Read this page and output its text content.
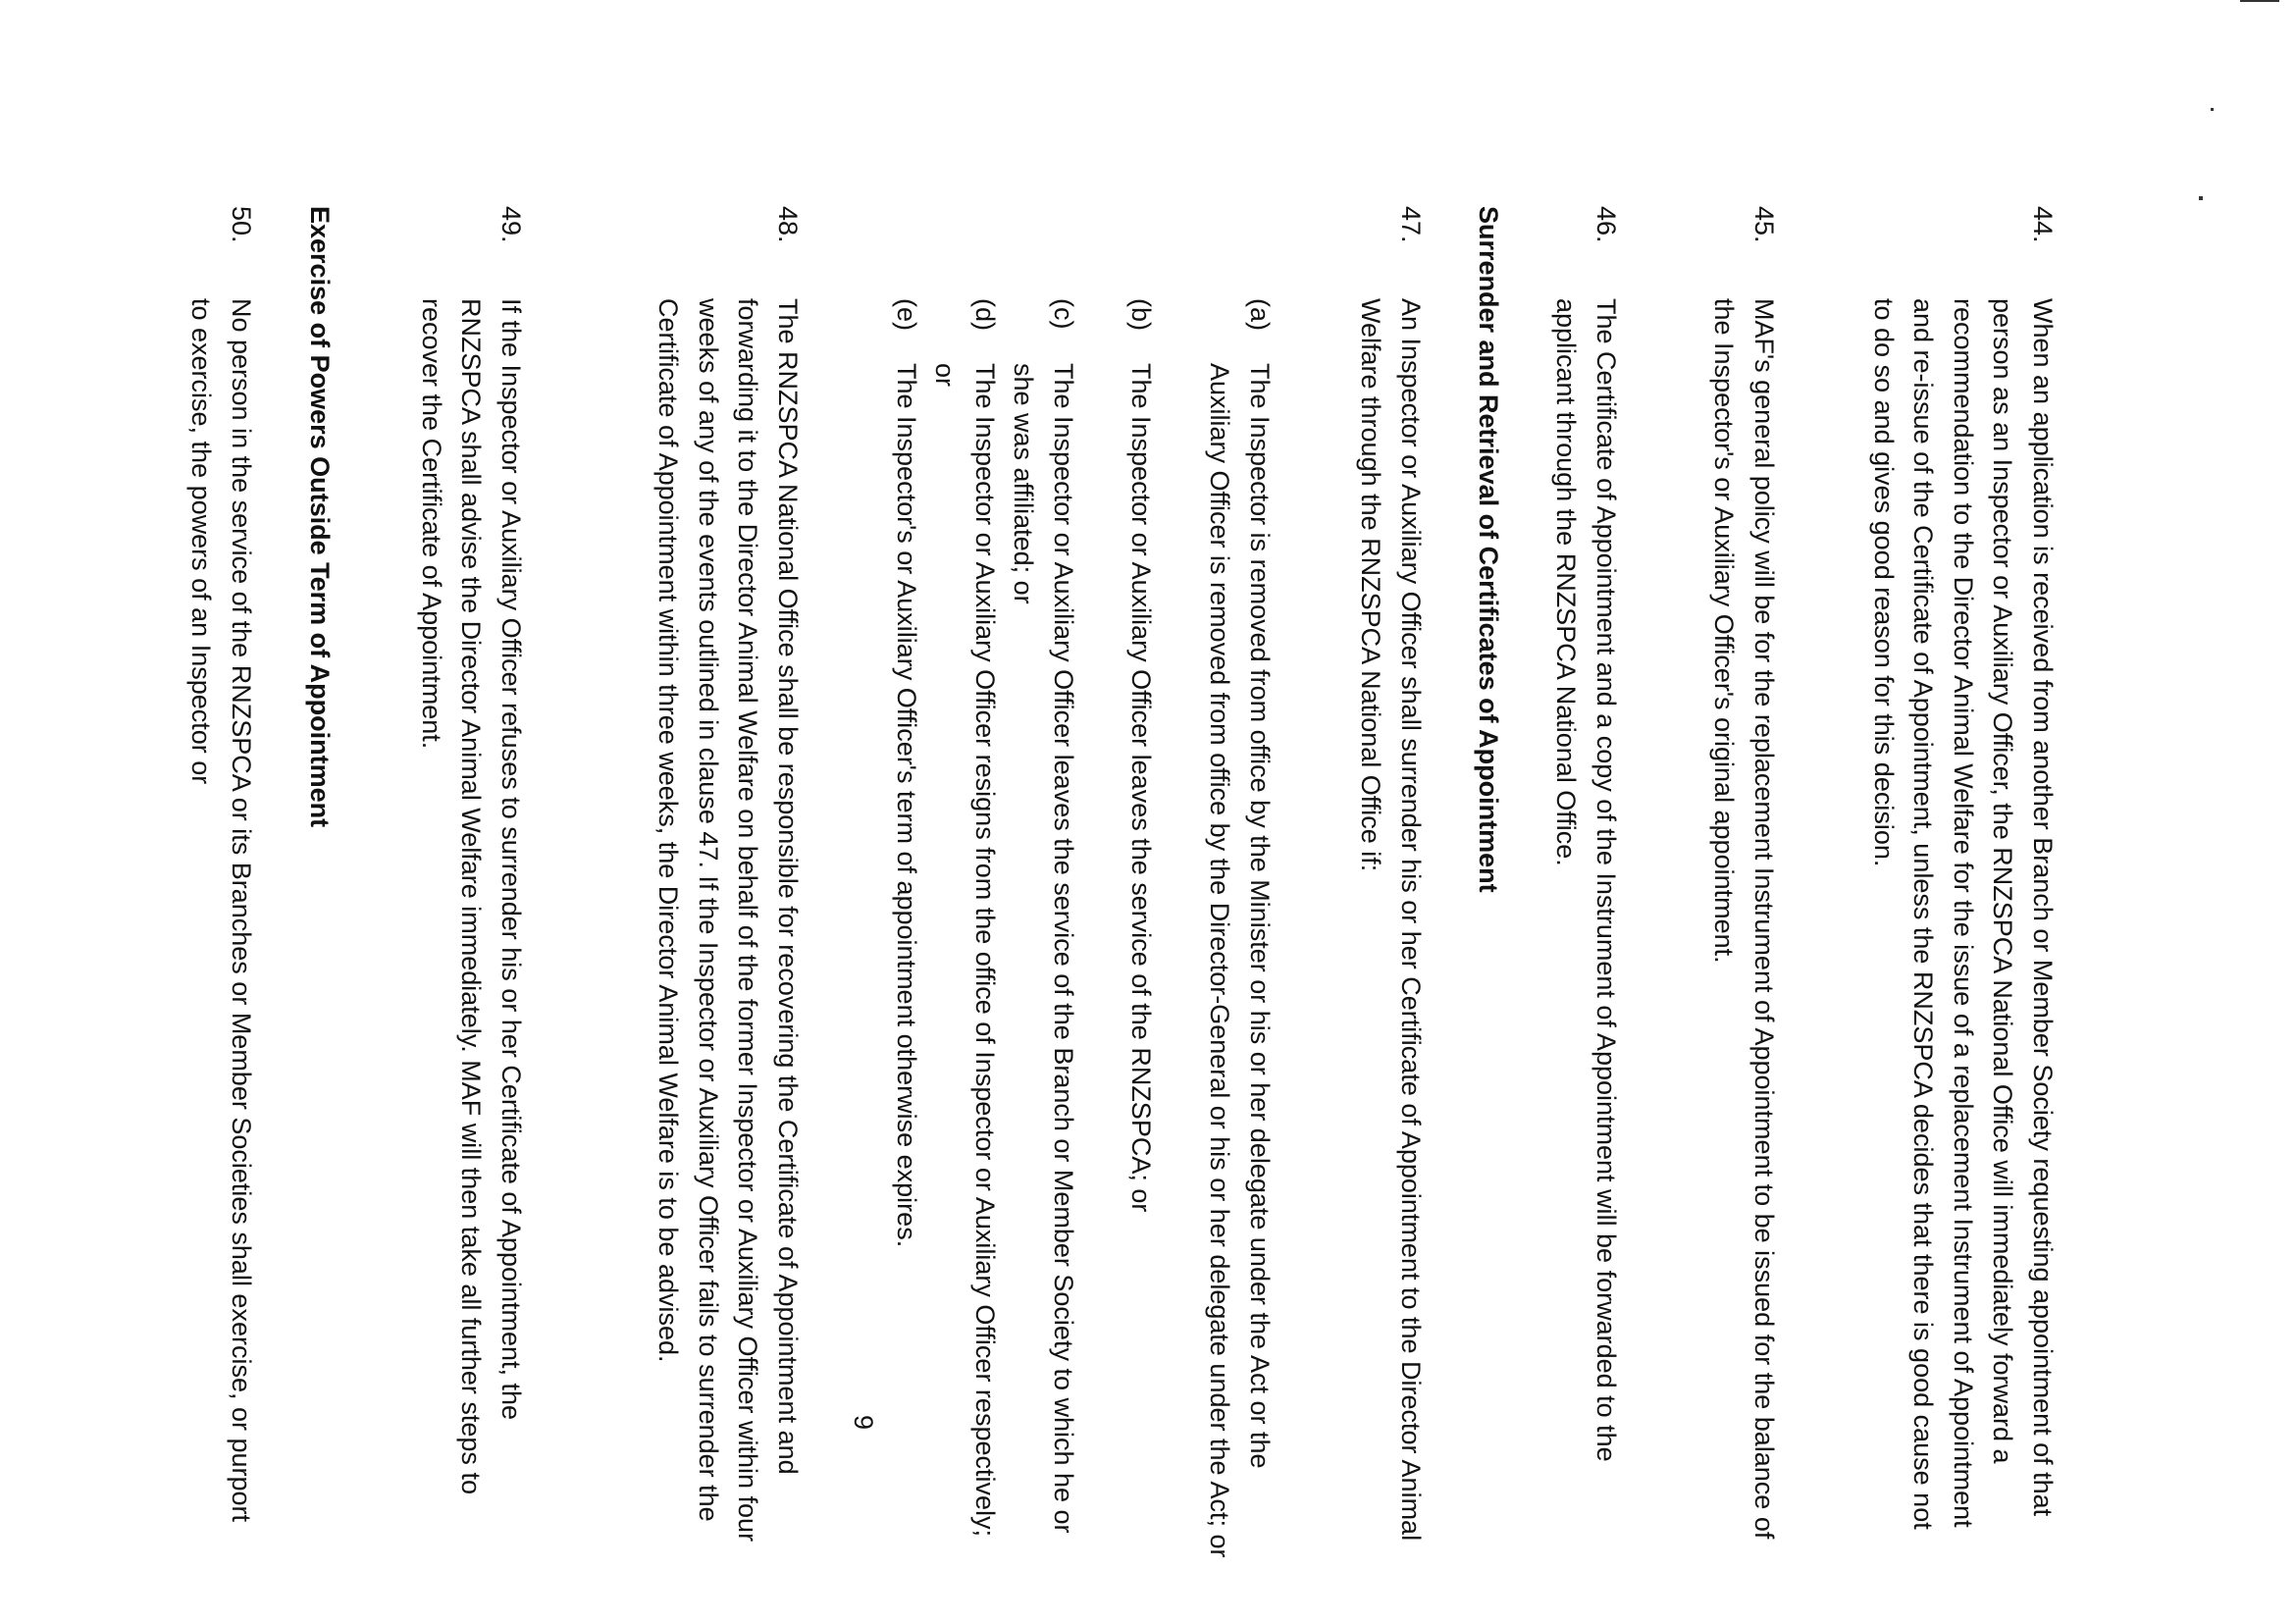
44.
When an application is received from another Branch or Member Society requesting appointment of that person as an Inspector or Auxiliary Officer, the RNZSPCA National Office will immediately forward a recommendation to the Director Animal Welfare for the issue of a replacement Instrument of Appointment and re-issue of the Certificate of Appointment, unless the RNZSPCA decides that there is good cause not to do so and gives good reason for this decision.
45.
MAF's general policy will be for the replacement Instrument of Appointment to be issued for the balance of the Inspector's or Auxiliary Officer's original appointment.
46.
The Certificate of Appointment and a copy of the Instrument of Appointment will be forwarded to the applicant through the RNZSPCA National Office.
Surrender and Retrieval of Certificates of Appointment
47.
An Inspector or Auxiliary Officer shall surrender his or her Certificate of Appointment to the Director Animal Welfare through the RNZSPCA National Office if:
(a)
The Inspector is removed from office by the Minister or his or her delegate under the Act or the Auxiliary Officer is removed from office by the Director-General or his or her delegate under the Act; or
(b)
The Inspector or Auxiliary Officer leaves the service of the RNZSPCA; or
(c)
The Inspector or Auxiliary Officer leaves the service of the Branch or Member Society to which he or she was affiliated; or
(d)
The Inspector or Auxiliary Officer resigns from the office of Inspector or Auxiliary Officer respectively; or
(e)
The Inspector's or Auxiliary Officer's term of appointment otherwise expires.
48.
The RNZSPCA National Office shall be responsible for recovering the Certificate of Appointment and forwarding it to the Director Animal Welfare on behalf of the former Inspector or Auxiliary Officer within four weeks of any of the events outlined in clause 47. If the Inspector or Auxiliary Officer fails to surrender the Certificate of Appointment within three weeks, the Director Animal Welfare is to be advised.
49.
If the Inspector or Auxiliary Officer refuses to surrender his or her Certificate of Appointment, the RNZSPCA shall advise the Director Animal Welfare immediately. MAF will then take all further steps to recover the Certificate of Appointment.
Exercise of Powers Outside Term of Appointment
50.
No person in the service of the RNZSPCA or its Branches or Member Societies shall exercise, or purport to exercise, the powers of an Inspector or
9
